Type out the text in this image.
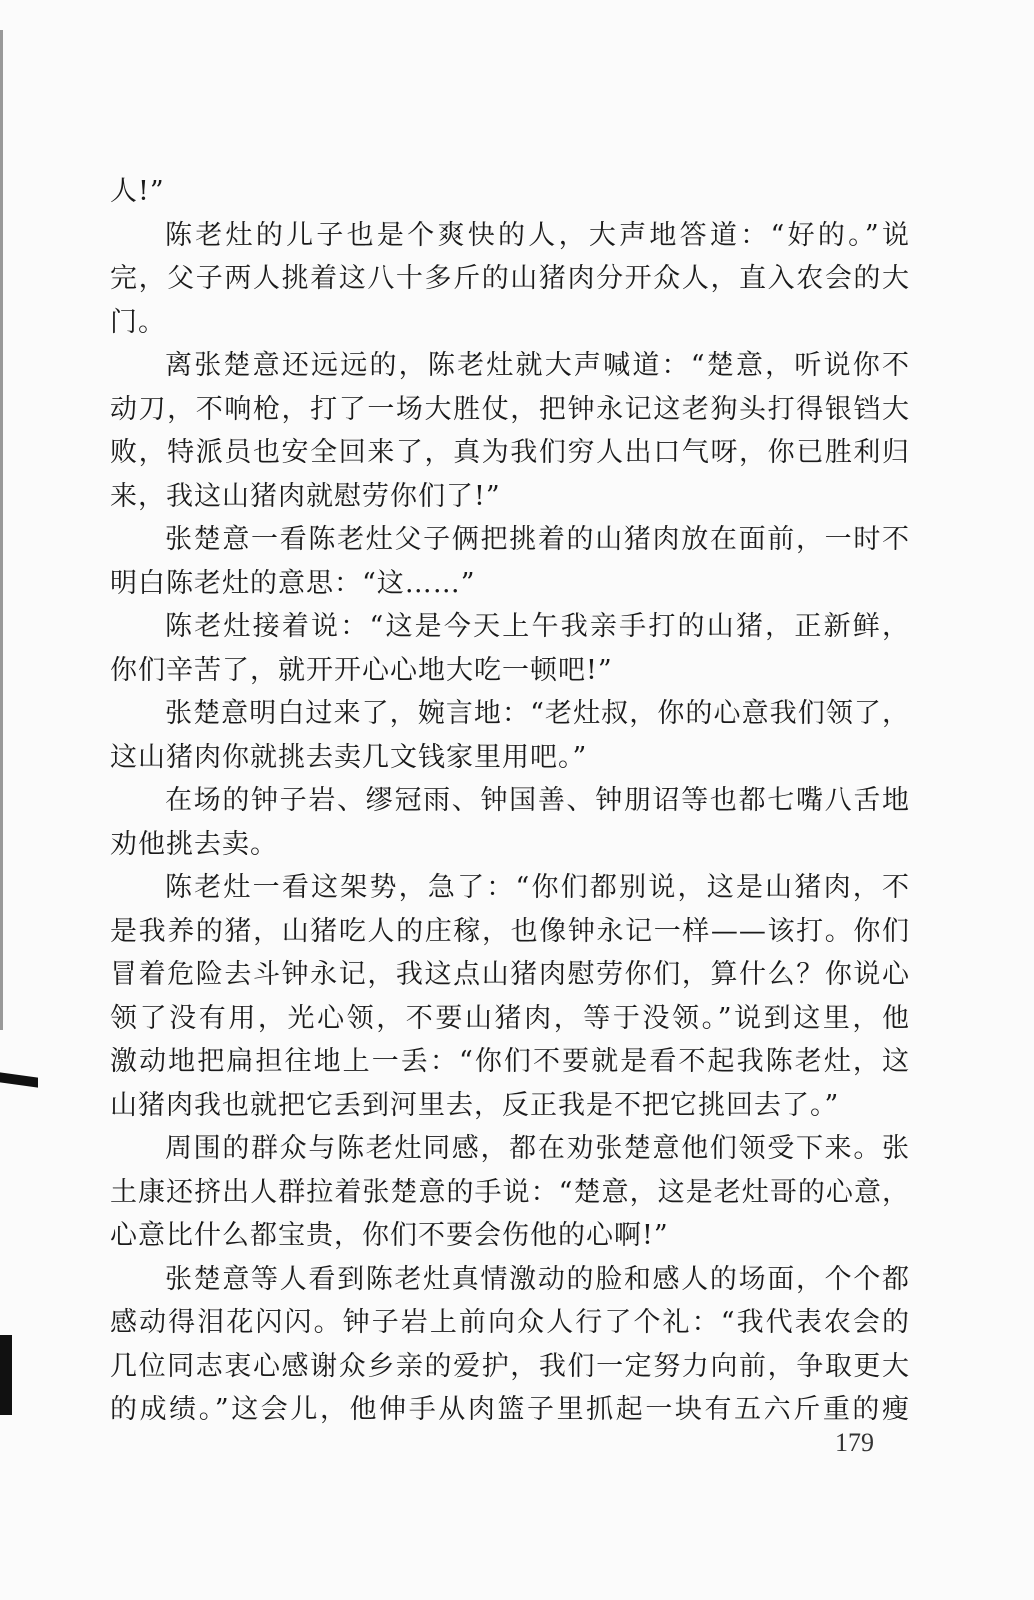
人!”
陈老灶的儿子也是个爽快的人，大声地答道：“好的。”说
完，父子两人挑着这八十多斤的山猪肉分开众人，直入农会的大
门。
离张楚意还远远的，陈老灶就大声喊道：“楚意，听说你不
动刀，不响枪，打了一场大胜仗，把钟永记这老狗头打得银铛大
败，特派员也安全回来了，真为我们穷人出口气呀，你已胜利归
来，我这山猪肉就慰劳你们了!”
张楚意一看陈老灶父子俩把挑着的山猪肉放在面前，一时不
明白陈老灶的意思：“这……”
陈老灶接着说：“这是今天上午我亲手打的山猪，正新鲜，
你们辛苦了，就开开心心地大吃一顿吧!”
张楚意明白过来了，婉言地：“老灶叔，你的心意我们领了，
这山猪肉你就挑去卖几文钱家里用吧。”
在场的钟子岩、缪冠雨、钟国善、钟朋诏等也都七嘴八舌地
劝他挑去卖。
陈老灶一看这架势，急了：“你们都别说，这是山猪肉，不
是我养的猪，山猪吃人的庄稼，也像钟永记一样——该打。你们
冒着危险去斗钟永记，我这点山猪肉慰劳你们，算什么？你说心
领了没有用，光心领，不要山猪肉，等于没领。”说到这里，他
激动地把扁担往地上一丢：“你们不要就是看不起我陈老灶，这
山猪肉我也就把它丢到河里去，反正我是不把它挑回去了。”
周围的群众与陈老灶同感，都在劝张楚意他们领受下来。张
土康还挤出人群拉着张楚意的手说：“楚意，这是老灶哥的心意，
心意比什么都宝贵，你们不要会伤他的心啊!”
张楚意等人看到陈老灶真情激动的脸和感人的场面，个个都
感动得泪花闪闪。钟子岩上前向众人行了个礼：“我代表农会的
几位同志衷心感谢众乡亲的爱护，我们一定努力向前，争取更大
的成绩。”这会儿，他伸手从肉篮子里抓起一块有五六斤重的瘦
179
